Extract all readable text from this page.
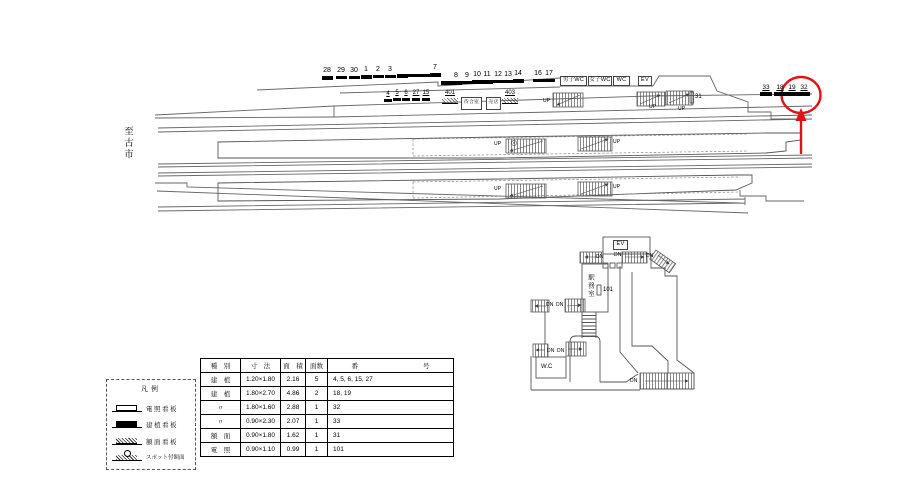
至古市
男子WC 女子WC	WC	EV
EV
待合室	売店
駅務室
W.C
31
101
401	403
28 29 30 1	2	3	7
8	9 10 11 12 13 14	16 17
4 5 6 27 15
33	18 19 32
UP
UP	UP
UP	UP
UP	UP
DN DN	DN
DN DN
DN DN
DN
凡例
電照看板
建植看板
額面看板
スポット付額面
種　別	寸　法	面　積	面数	番　　　　　　　　　　号
建　植	1.20×1.80	2.16	5	4, 5, 6, 15, 27
建　植	1.80×2.70	4.86	2	18, 19
〃	1.80×1.60	2.88	1	32
〃	0.90×2.30	2.07	1	33
額　面	0.90×1.80	1.62	1	31
電　照	0.90×1.10	0.99	1	101
